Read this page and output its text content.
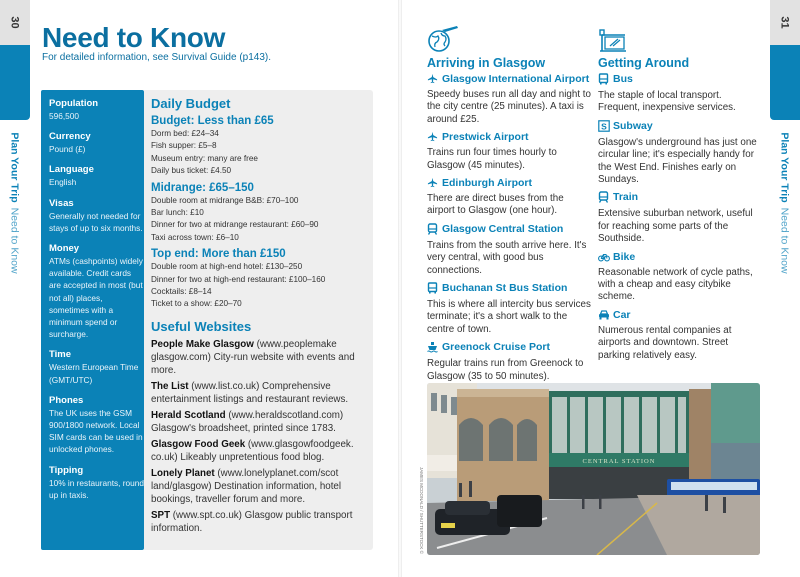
30
Plan Your TripNeed to Know
Need to Know
For detailed information, see Survival Guide (p143).
Population
596,500
Currency
Pound (£)
Language
English
Visas
Generally not needed for stays of up to six months.
Money
ATMs (cashpoints) widely available. Credit cards are accepted in most (but not all) places, sometimes with a minimum spend or surcharge.
Time
Western European Time (GMT/UTC)
Phones
The UK uses the GSM 900/1800 network. Local SIM cards can be used in unlocked phones.
Tipping
10% in restaurants, round up in taxis.
Daily Budget
Budget: Less than £65
Dorm bed: £24–34
Fish supper: £5–8
Museum entry: many are free
Daily bus ticket: £4.50
Midrange: £65–150
Double room at midrange B&B: £70–100
Bar lunch: £10
Dinner for two at midrange restaurant: £60–90
Taxi across town: £6–10
Top end: More than £150
Double room at high-end hotel: £130–250
Dinner for two at high-end restaurant: £100–160
Cocktails: £8–14
Ticket to a show: £20–70
Useful Websites
People Make Glasgow (www.peoplemake glasgow.com) City-run website with events and more.
The List (www.list.co.uk) Comprehensive entertainment listings and restaurant reviews.
Herald Scotland (www.heraldscotland.com) Glasgow's broadsheet, printed since 1783.
Glasgow Food Geek (www.glasgowfoodgeek. co.uk) Likeably unpretentious food blog.
Lonely Planet (www.lonelyplanet.com/scot land/glasgow) Destination information, hotel bookings, traveller forum and more.
SPT (www.spt.co.uk) Glasgow public transport information.
31
Plan Your TripNeed to Know
Arriving in Glasgow
Glasgow International Airport
Speedy buses run all day and night to the city centre (25 minutes). A taxi is around £25.
Prestwick Airport
Trains run four times hourly to Glasgow (45 minutes).
Edinburgh Airport
There are direct buses from the airport to Glasgow (one hour).
Glasgow Central Station
Trains from the south arrive here. It's very central, with good bus connections.
Buchanan St Bus Station
This is where all intercity bus services terminate; it's a short walk to the centre of town.
Greenock Cruise Port
Regular trains run from Greenock to Glasgow (35 to 50 minutes).
Getting Around
Bus
The staple of local transport. Frequent, inexpensive services.
S Subway
Glasgow's underground has just one circular line; it's especially handy for the West End. Finishes early on Sundays.
Train
Extensive suburban network, useful for reaching some parts of the Southside.
Bike
Reasonable network of cycle paths, with a cheap and easy citybike scheme.
Car
Numerous rental companies at airports and downtown. Street parking relatively easy.
JAMES MCDONALD / SHUTTERSTOCK ©
CENTRAL STATION
